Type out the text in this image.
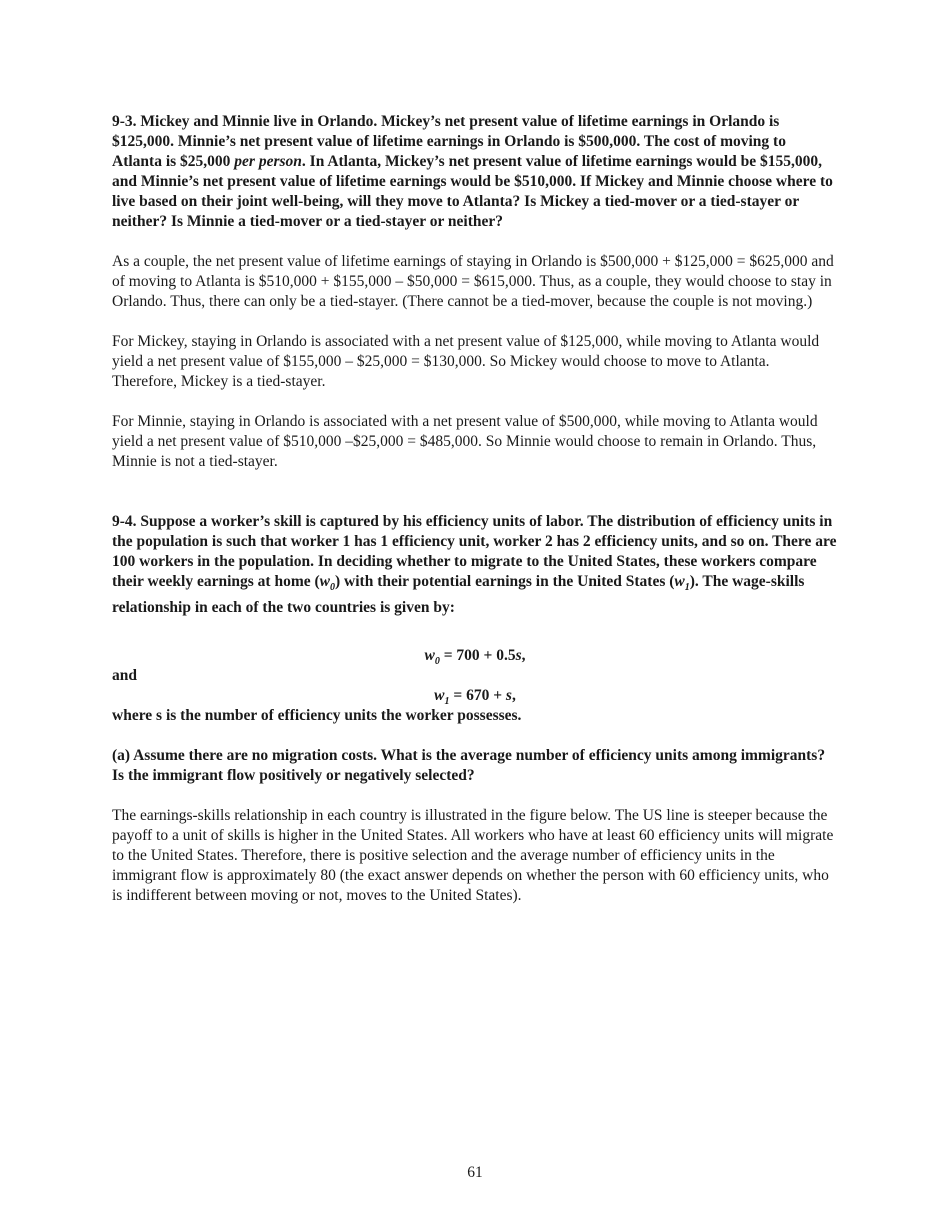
9-3. Mickey and Minnie live in Orlando. Mickey’s net present value of lifetime earnings in Orlando is $125,000. Minnie’s net present value of lifetime earnings in Orlando is $500,000. The cost of moving to Atlanta is $25,000 per person. In Atlanta, Mickey’s net present value of lifetime earnings would be $155,000, and Minnie’s net present value of lifetime earnings would be $510,000. If Mickey and Minnie choose where to live based on their joint well-being, will they move to Atlanta? Is Mickey a tied-mover or a tied-stayer or neither? Is Minnie a tied-mover or a tied-stayer or neither?

As a couple, the net present value of lifetime earnings of staying in Orlando is $500,000 + $125,000 = $625,000 and of moving to Atlanta is $510,000 + $155,000 – $50,000 = $615,000. Thus, as a couple, they would choose to stay in Orlando. Thus, there can only be a tied-stayer. (There cannot be a tied-mover, because the couple is not moving.)

For Mickey, staying in Orlando is associated with a net present value of $125,000, while moving to Atlanta would yield a net present value of $155,000 – $25,000 = $130,000. So Mickey would choose to move to Atlanta. Therefore, Mickey is a tied-stayer.

For Minnie, staying in Orlando is associated with a net present value of $500,000, while moving to Atlanta would yield a net present value of $510,000 –$25,000 = $485,000. So Minnie would choose to remain in Orlando. Thus, Minnie is not a tied-stayer.

9-4. Suppose a worker’s skill is captured by his efficiency units of labor. The distribution of efficiency units in the population is such that worker 1 has 1 efficiency unit, worker 2 has 2 efficiency units, and so on. There are 100 workers in the population. In deciding whether to migrate to the United States, these workers compare their weekly earnings at home $(w_0)$ with their potential earnings in the United States $(w_1)$. The wage-skills relationship in each of the two countries is given by:

$w_0 = 700 + 0.5s$,
and
$w_1 = 670 + s$,

where s is the number of efficiency units the worker possesses.

(a) Assume there are no migration costs. What is the average number of efficiency units among immigrants? Is the immigrant flow positively or negatively selected?

The earnings-skills relationship in each country is illustrated in the figure below. The US line is steeper because the payoff to a unit of skills is higher in the United States. All workers who have at least 60 efficiency units will migrate to the United States. Therefore, there is positive selection and the average number of efficiency units in the immigrant flow is approximately 80 (the exact answer depends on whether the person with 60 efficiency units, who is indifferent between moving or not, moves to the United States).

61
